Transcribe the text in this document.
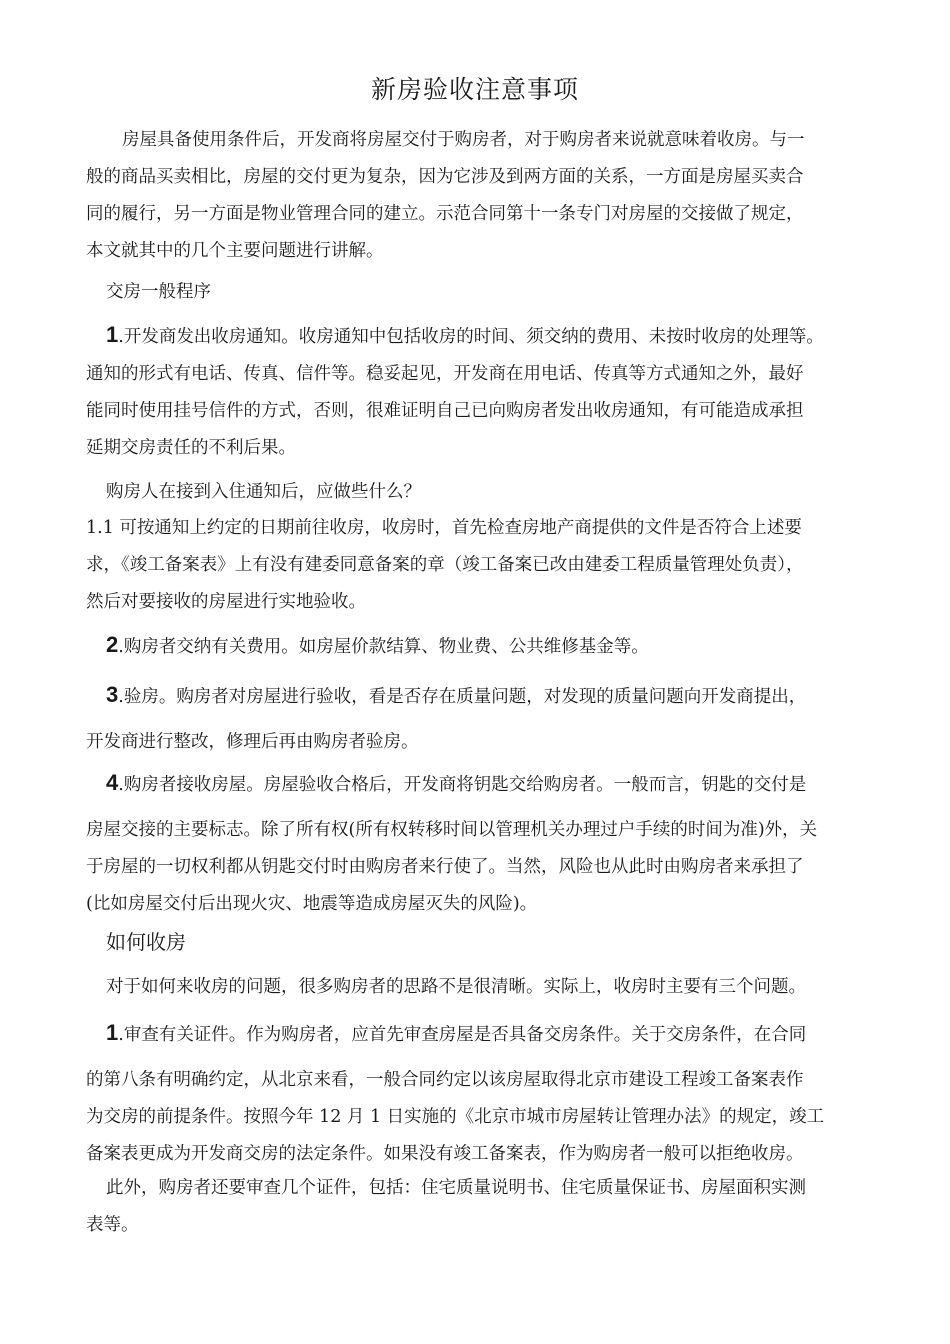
新房验收注意事项

房屋具备使用条件后，开发商将房屋交付于购房者，对于购房者来说就意味着收房。与一

般的商品买卖相比，房屋的交付更为复杂，因为它涉及到两方面的关系，一方面是房屋买卖合

同的履行，另一方面是物业管理合同的建立。示范合同第十一条专门对房屋的交接做了规定，

本文就其中的几个主要问题进行讲解。

交房一般程序

1.开发商发出收房通知。收房通知中包括收房的时间、须交纳的费用、未按时收房的处理等。

通知的形式有电话、传真、信件等。稳妥起见，开发商在用电话、传真等方式通知之外，最好

能同时使用挂号信件的方式，否则，很难证明自己已向购房者发出收房通知，有可能造成承担

延期交房责任的不利后果。

购房人在接到入住通知后，应做些什么？

1.1 可按通知上约定的日期前往收房，收房时，首先检查房地产商提供的文件是否符合上述要

求，《竣工备案表》上有没有建委同意备案的章（竣工备案已改由建委工程质量管理处负责），

然后对要接收的房屋进行实地验收。

2.购房者交纳有关费用。如房屋价款结算、物业费、公共维修基金等。

3.验房。购房者对房屋进行验收，看是否存在质量问题，对发现的质量问题向开发商提出，

开发商进行整改，修理后再由购房者验房。

4.购房者接收房屋。房屋验收合格后，开发商将钥匙交给购房者。一般而言，钥匙的交付是

房屋交接的主要标志。除了所有权(所有权转移时间以管理机关办理过户手续的时间为准)外，关

于房屋的一切权利都从钥匙交付时由购房者来行使了。当然，风险也从此时由购房者来承担了

(比如房屋交付后出现火灾、地震等造成房屋灭失的风险)。

如何收房

对于如何来收房的问题，很多购房者的思路不是很清晰。实际上，收房时主要有三个问题。

1.审查有关证件。作为购房者，应首先审查房屋是否具备交房条件。关于交房条件，在合同

的第八条有明确约定，从北京来看，一般合同约定以该房屋取得北京市建设工程竣工备案表作

为交房的前提条件。按照今年 12 月 1 日实施的《北京市城市房屋转让管理办法》的规定，竣工

备案表更成为开发商交房的法定条件。如果没有竣工备案表，作为购房者一般可以拒绝收房。

此外，购房者还要审查几个证件，包括：住宅质量说明书、住宅质量保证书、房屋面积实测

表等。
